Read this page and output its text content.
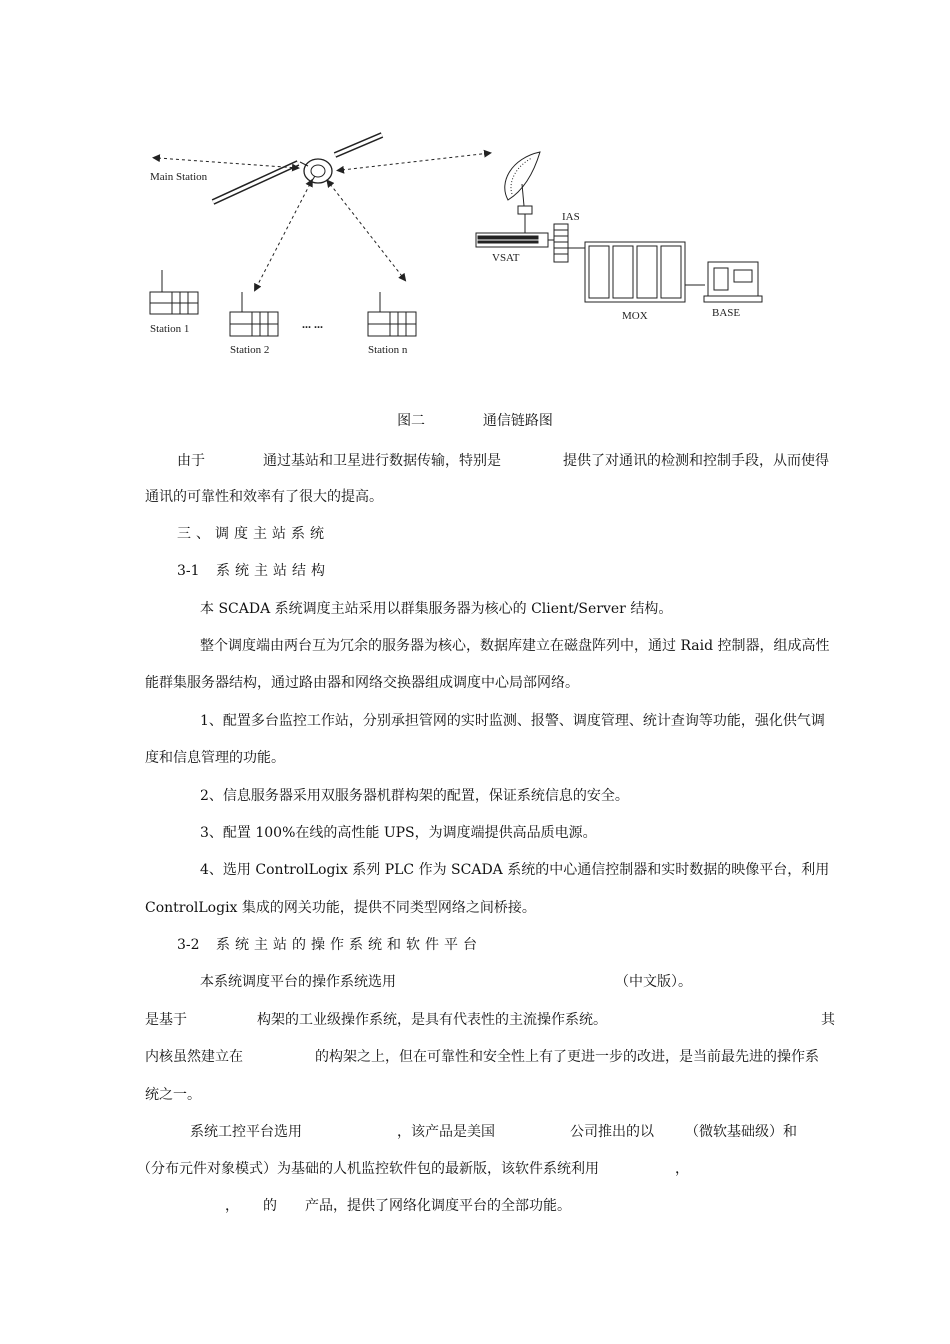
Main Station
Station 1
Station 2
... ...
Station n
VSAT
IAS
MOX	BASE
图二	通信链路图
由于	通过基站和卫星进行数据传输，特别是	提供了对通讯的检测和控制手段，从而使得
通讯的可靠性和效率有了很大的提高。
三、调度主站系统
3-1 系统主站结构
本 SCADA 系统调度主站采用以群集服务器为核心的 Client/Server 结构。
整个调度端由两台互为冗余的服务器为核心，数据库建立在磁盘阵列中，通过 Raid 控制器，组成高性
能群集服务器结构，通过路由器和网络交换器组成调度中心局部网络。
1、配置多台监控工作站，分别承担管网的实时监测、报警、调度管理、统计查询等功能，强化供气调
度和信息管理的功能。
2、信息服务器采用双服务器机群构架的配置，保证系统信息的安全。
3、配置 100%在线的高性能 UPS，为调度端提供高品质电源。
4、选用 ControlLogix 系列 PLC 作为 SCADA 系统的中心通信控制器和实时数据的映像平台，利用
ControlLogix 集成的网关功能，提供不同类型网络之间桥接。
3-2 系统主站的操作系统和软件平台
本系统调度平台的操作系统选用	（中文版）。
是基于	构架的工业级操作系统，是具有代表性的主流操作系统。	其
内核虽然建立在	的构架之上，但在可靠性和安全性上有了更进一步的改进，是当前最先进的操作系
统之一。
系统工控平台选用	，该产品是美国	公司推出的以 （微软基础级）和
（分布元件对象模式）为基础的人机监控软件包的最新版，该软件系统利用	，
， 的 产品，提供了网络化调度平台的全部功能。
